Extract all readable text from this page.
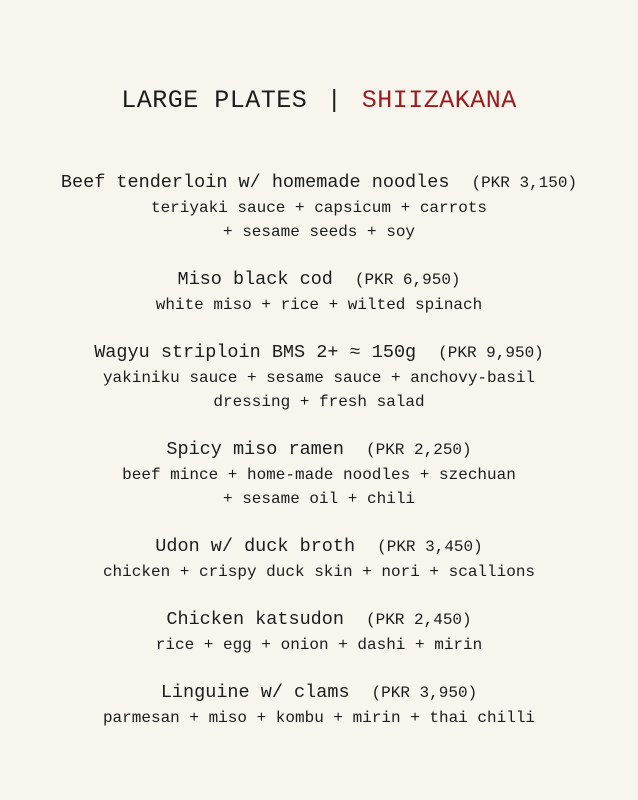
LARGE PLATES | SHIIZAKANA
Beef tenderloin w/ homemade noodles (PKR 3,150)
teriyaki sauce + capsicum + carrots
+ sesame seeds + soy
Miso black cod (PKR 6,950)
white miso + rice + wilted spinach
Wagyu striploin BMS 2+ ≈ 150g (PKR 9,950)
yakiniku sauce + sesame sauce + anchovy-basil
dressing + fresh salad
Spicy miso ramen (PKR 2,250)
beef mince + home-made noodles + szechuan
+ sesame oil + chili
Udon w/ duck broth (PKR 3,450)
chicken + crispy duck skin + nori + scallions
Chicken katsudon (PKR 2,450)
rice + egg + onion + dashi + mirin
Linguine w/ clams (PKR 3,950)
parmesan + miso + kombu + mirin + thai chilli
